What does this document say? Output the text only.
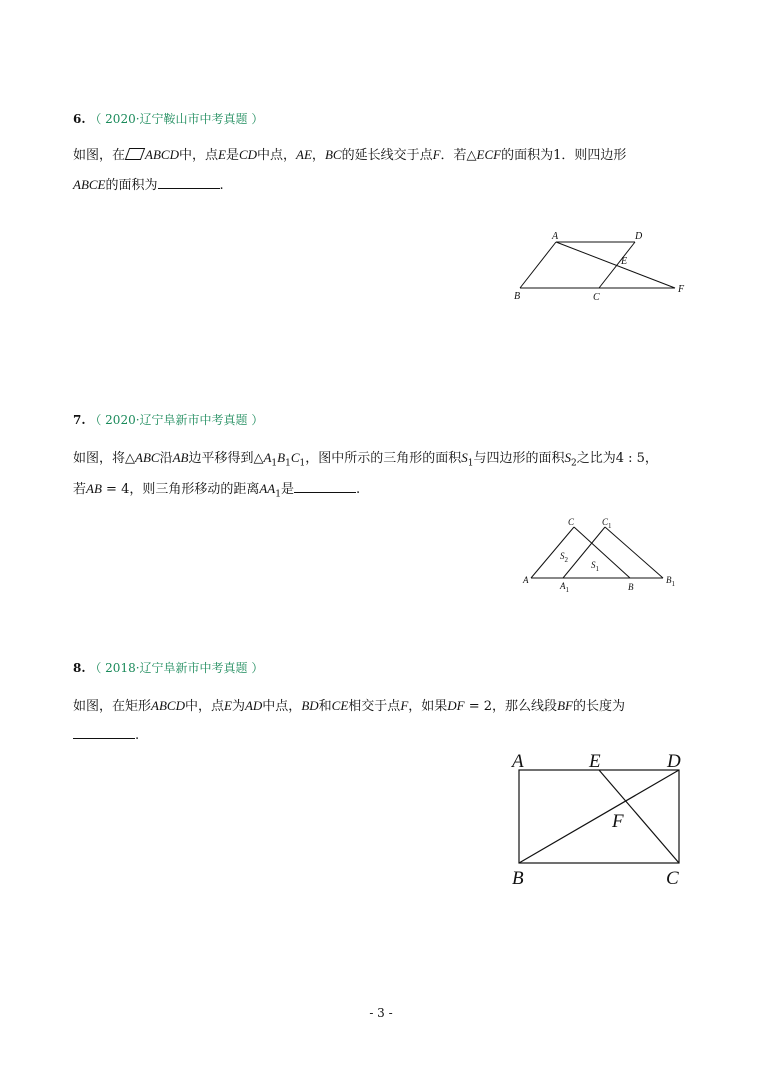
6. （ 2020·辽宁鞍山市中考真题 ）
如图，在 ABCD中，点E是CD中点，AE，BC的延长线交于点F．若△ECF的面积为1．则四边形
ABCE的面积为	.
A	D
E
B	C
F
7. （ 2020·辽宁阜新市中考真题 ）
如图，将△ABC沿AB边平移得到$\triangle A_1B_1C_1$，图中所示的三角形的面积$S_1$与四边形的面积$S_2$之比为4 : 5，
若AB = 4，则三角形移动的距离$AA_1$是	.
C	$C_1$
$S_2$	$S_1$
A
$A_1$	B
$B_1$
8. （ 2018·辽宁阜新市中考真题 ）
如图，在矩形ABCD中，点E为AD中点，BD和CE相交于点F，如果DF = 2，那么线段BF的长度为
.
A	E	D
F
B	C
- 3 -
